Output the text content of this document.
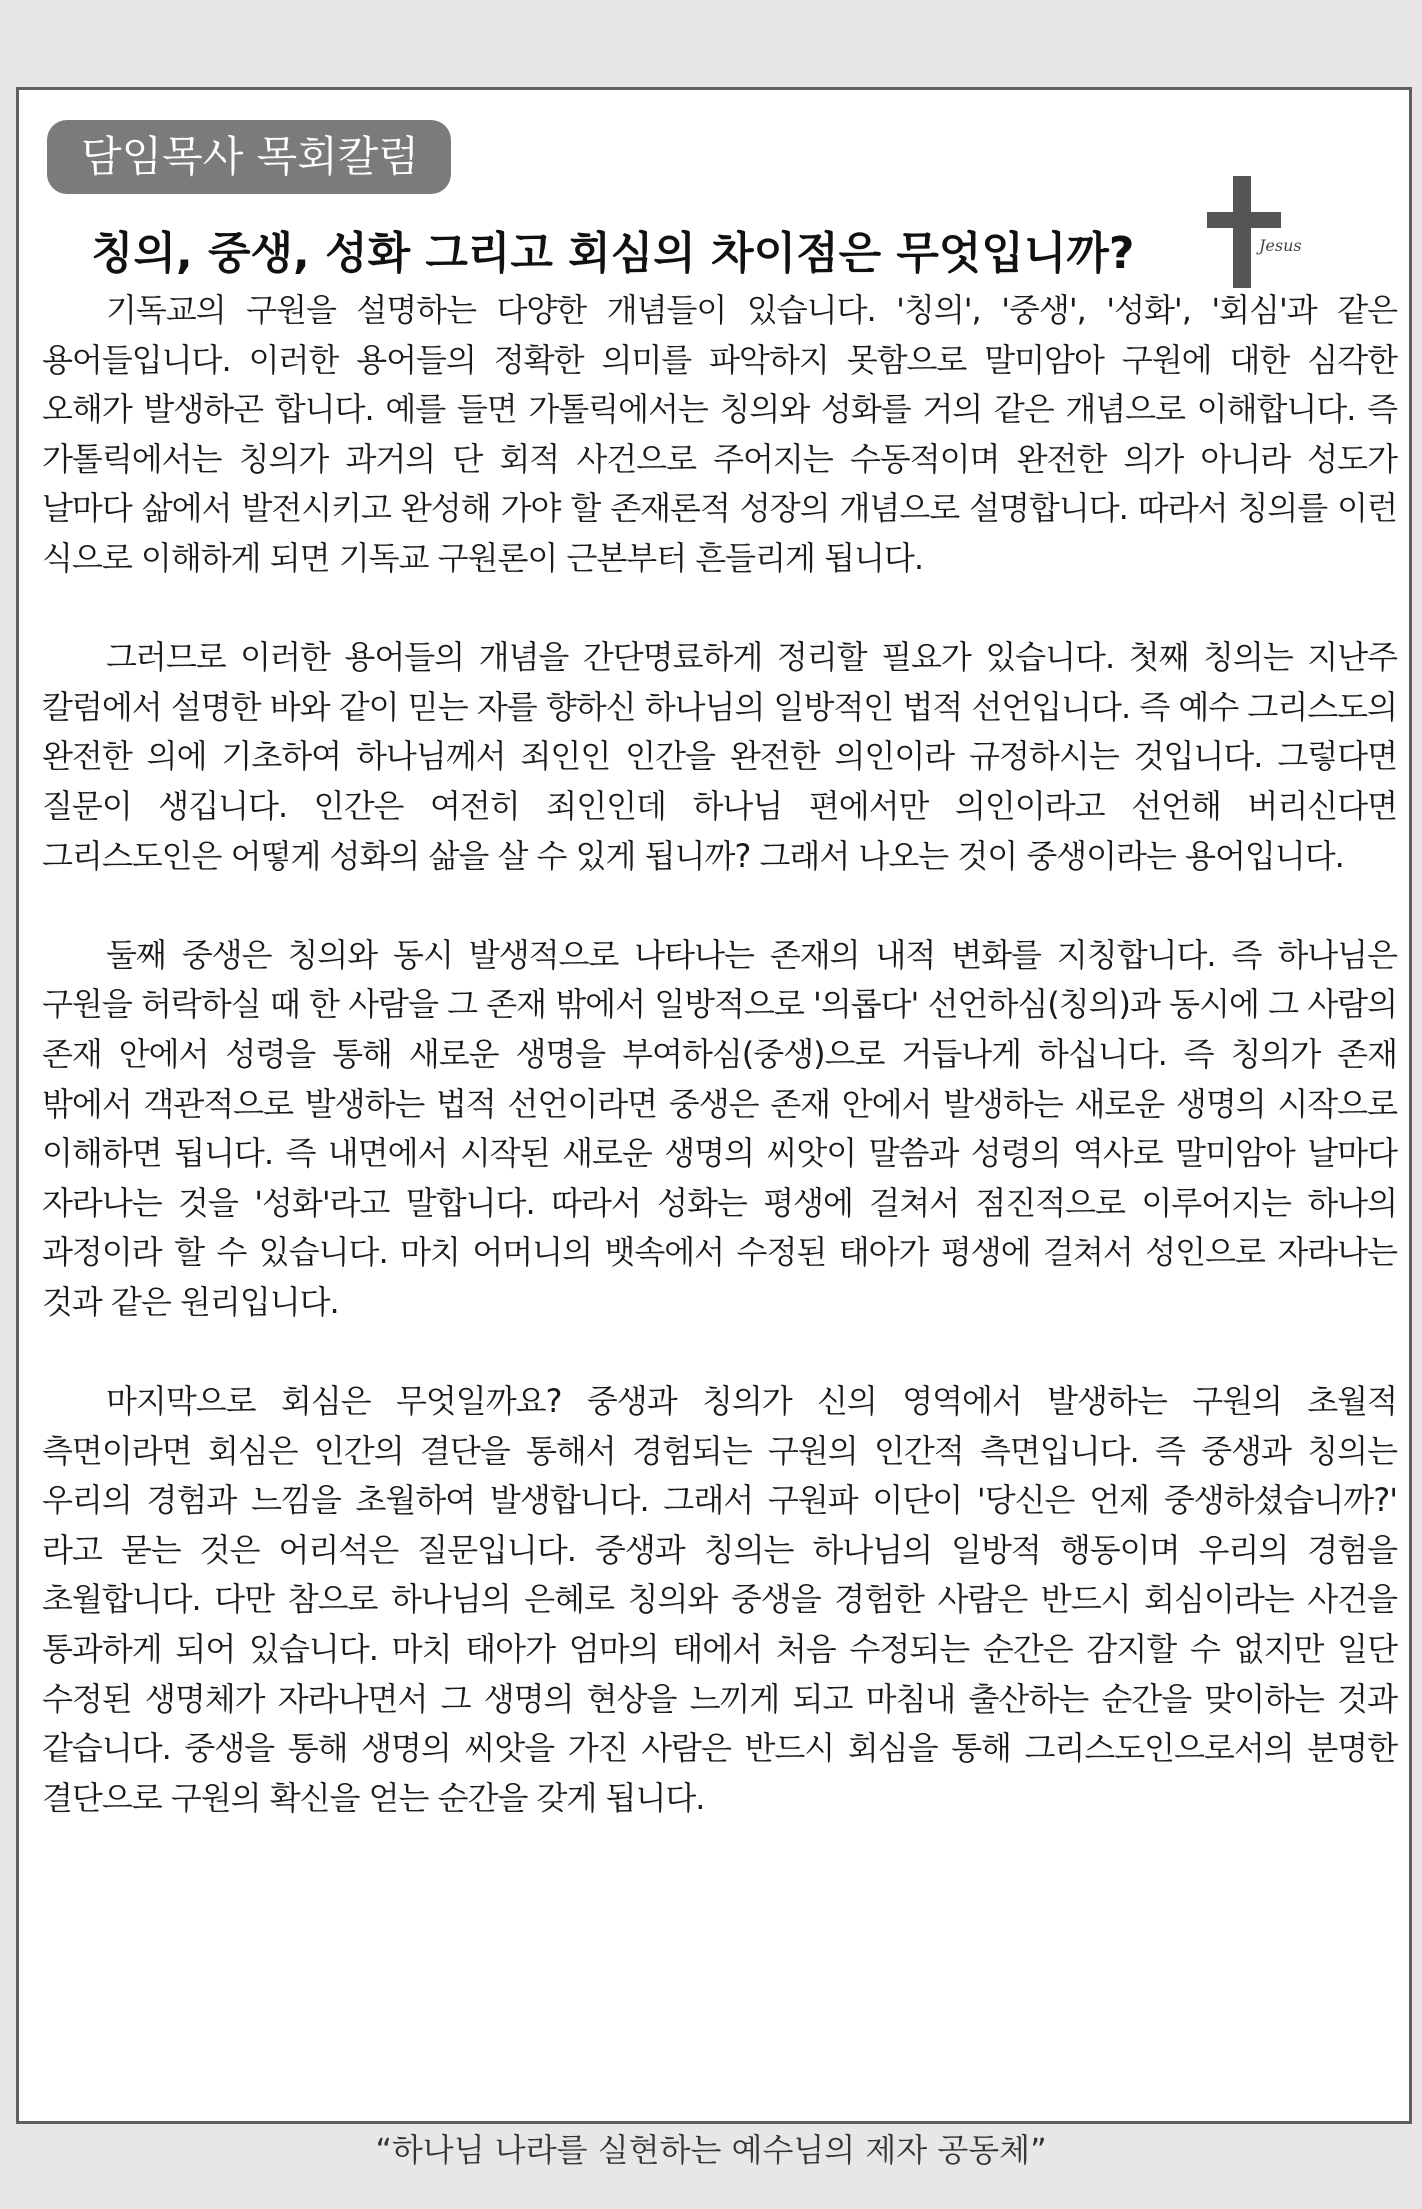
담임목사 목회칼럼
칭의, 중생, 성화 그리고 회심의 차이점은 무엇입니까?	Jesus

기독교의 구원을 설명하는 다양한 개념들이 있습니다. '칭의', '중생', '성화', '회심'과 같은 용어들입니다. 이러한 용어들의 정확한 의미를 파악하지 못함으로 말미암아 구원에 대한 심각한 오해가 발생하곤 합니다. 예를 들면 가톨릭에서는 칭의와 성화를 거의 같은 개념으로 이해합니다. 즉 가톨릭에서는 칭의가 과거의 단 회적 사건으로 주어지는 수동적이며 완전한 의가 아니라 성도가 날마다 삶에서 발전시키고 완성해 가야 할 존재론적 성장의 개념으로 설명합니다. 따라서 칭의를 이런 식으로 이해하게 되면 기독교 구원론이 근본부터 흔들리게 됩니다.

그러므로 이러한 용어들의 개념을 간단명료하게 정리할 필요가 있습니다. 첫째 칭의는 지난주 칼럼에서 설명한 바와 같이 믿는 자를 향하신 하나님의 일방적인 법적 선언입니다. 즉 예수 그리스도의 완전한 의에 기초하여 하나님께서 죄인인 인간을 완전한 의인이라 규정하시는 것입니다. 그렇다면 질문이 생깁니다. 인간은 여전히 죄인인데 하나님 편에서만 의인이라고 선언해 버리신다면 그리스도인은 어떻게 성화의 삶을 살 수 있게 됩니까? 그래서 나오는 것이 중생이라는 용어입니다.

둘째 중생은 칭의와 동시 발생적으로 나타나는 존재의 내적 변화를 지칭합니다. 즉 하나님은 구원을 허락하실 때 한 사람을 그 존재 밖에서 일방적으로 '의롭다' 선언하심(칭의)과 동시에 그 사람의 존재 안에서 성령을 통해 새로운 생명을 부여하심(중생)으로 거듭나게 하십니다. 즉 칭의가 존재 밖에서 객관적으로 발생하는 법적 선언이라면 중생은 존재 안에서 발생하는 새로운 생명의 시작으로 이해하면 됩니다. 즉 내면에서 시작된 새로운 생명의 씨앗이 말씀과 성령의 역사로 말미암아 날마다 자라나는 것을 '성화'라고 말합니다. 따라서 성화는 평생에 걸쳐서 점진적으로 이루어지는 하나의 과정이라 할 수 있습니다. 마치 어머니의 뱃속에서 수정된 태아가 평생에 걸쳐서 성인으로 자라나는 것과 같은 원리입니다.

마지막으로 회심은 무엇일까요? 중생과 칭의가 신의 영역에서 발생하는 구원의 초월적 측면이라면 회심은 인간의 결단을 통해서 경험되는 구원의 인간적 측면입니다. 즉 중생과 칭의는 우리의 경험과 느낌을 초월하여 발생합니다. 그래서 구원파 이단이 '당신은 언제 중생하셨습니까?' 라고 묻는 것은 어리석은 질문입니다. 중생과 칭의는 하나님의 일방적 행동이며 우리의 경험을 초월합니다. 다만 참으로 하나님의 은혜로 칭의와 중생을 경험한 사람은 반드시 회심이라는 사건을 통과하게 되어 있습니다. 마치 태아가 엄마의 태에서 처음 수정되는 순간은 감지할 수 없지만 일단 수정된 생명체가 자라나면서 그 생명의 현상을 느끼게 되고 마침내 출산하는 순간을 맞이하는 것과 같습니다. 중생을 통해 생명의 씨앗을 가진 사람은 반드시 회심을 통해 그리스도인으로서의 분명한 결단으로 구원의 확신을 얻는 순간을 갖게 됩니다.

“하나님 나라를 실현하는 예수님의 제자 공동체”
